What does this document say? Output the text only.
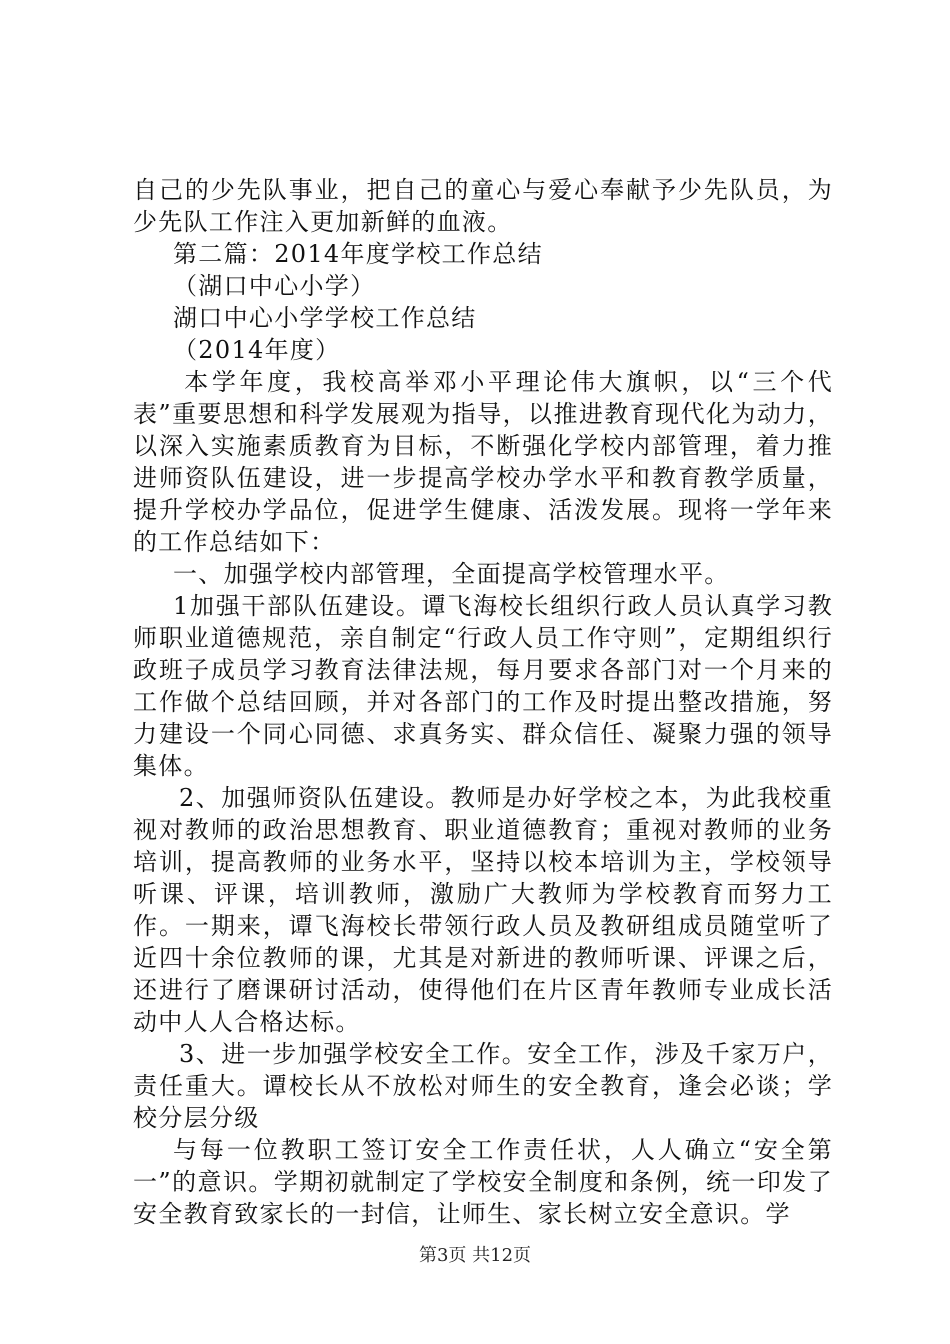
自己的少先队事业，把自己的童心与爱心奉献予少先队员，为少先队工作注入更加新鲜的血液。

第二篇：2014年度学校工作总结

（湖口中心小学）

湖口中心小学学校工作总结

（2014年度）

本学年度，我校高举邓小平理论伟大旗帜，以“三个代表”重要思想和科学发展观为指导，以推进教育现代化为动力，以深入实施素质教育为目标，不断强化学校内部管理，着力推进师资队伍建设，进一步提高学校办学水平和教育教学质量，提升学校办学品位，促进学生健康、活泼发展。现将一学年来的工作总结如下：

一、加强学校内部管理，全面提高学校管理水平。

1加强干部队伍建设。谭飞海校长组织行政人员认真学习教师职业道德规范，亲自制定“行政人员工作守则”，定期组织行政班子成员学习教育法律法规，每月要求各部门对一个月来的工作做个总结回顾，并对各部门的工作及时提出整改措施，努力建设一个同心同德、求真务实、群众信任、凝聚力强的领导集体。

2、加强师资队伍建设。教师是办好学校之本，为此我校重视对教师的政治思想教育、职业道德教育；重视对教师的业务培训，提高教师的业务水平，坚持以校本培训为主，学校领导听课、评课，培训教师，激励广大教师为学校教育而努力工作。一期来，谭飞海校长带领行政人员及教研组成员随堂听了近四十余位教师的课，尤其是对新进的教师听课、评课之后，还进行了磨课研讨活动，使得他们在片区青年教师专业成长活动中人人合格达标。

3、进一步加强学校安全工作。安全工作，涉及千家万户，责任重大。谭校长从不放松对师生的安全教育，逢会必谈；学校分层分级

与每一位教职工签订安全工作责任状，人人确立“安全第一”的意识。学期初就制定了学校安全制度和条例，统一印发了安全教育致家长的一封信，让师生、家长树立安全意识。学

第3页 共12页
